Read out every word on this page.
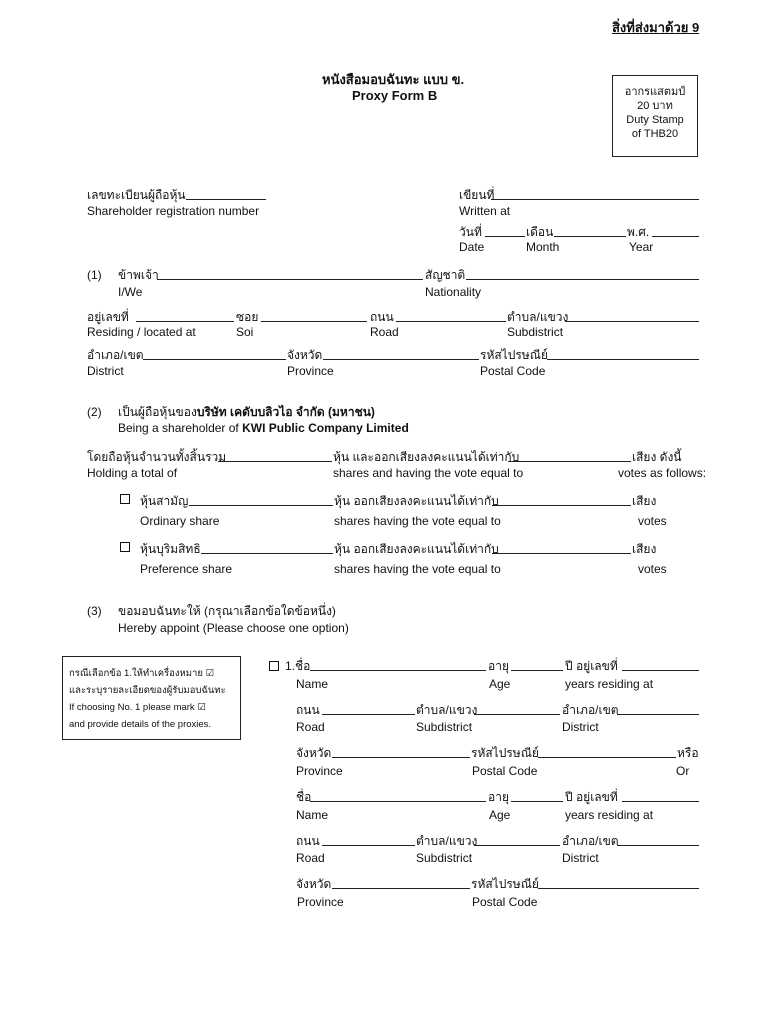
สิ่งที่ส่งมาด้วย 9
หนังสือมอบฉันทะ แบบ ข.
Proxy Form B	อากรแสตมป์
20 บาท
Duty Stamp
of THB20
เลขทะเบียนผู้ถือหุ้น
Shareholder registration number
เขียนที่
Written at
วันที่	เดือน	พ.ศ.
Date	Month	Year
(1) ข้าพเจ้า	สัญชาติ
I/We	Nationality
อยู่เลขที่	ซอย	ถนน	ตำบล/แขวง
Residing / located at	Soi	Road	Subdistrict
อำเภอ/เขต	จังหวัด	รหัสไปรษณีย์
District	Province	Postal Code
(2) เป็นผู้ถือหุ้นของบริษัท เคดับบลิวไอ จำกัด (มหาชน)
Being a shareholder of KWI Public Company Limited
โดยถือหุ้นจำนวนทั้งสิ้นรวม	หุ้น และออกเสียงลงคะแนนได้เท่ากับ	เสียง ดังนี้
Holding a total of	shares and having the vote equal to	votes as follows:
หุ้นสามัญ	หุ้น ออกเสียงลงคะแนนได้เท่ากับ	เสียง
Ordinary share	shares having the vote equal to	votes
หุ้นบุริมสิทธิ	หุ้น ออกเสียงลงคะแนนได้เท่ากับ	เสียง
Preference share	shares having the vote equal to	votes
(3) ขอมอบฉันทะให้ (กรุณาเลือกข้อใดข้อหนึ่ง)
Hereby appoint (Please choose one option)
กรณีเลือกข้อ 1.ให้ทำเครื่องหมาย ☑
และระบุรายละเอียดของผู้รับมอบฉันทะ
If choosing No. 1 please mark ☑
and provide details of the proxies.
1.ชื่อ	อายุ	ปี อยู่เลขที่
Name	Age	years residing at
ถนน	ตำบล/แขวง	อำเภอ/เขต
Road	Subdistrict	District
จังหวัด	รหัสไปรษณีย์	หรือ
Province	Postal Code	Or
ชื่อ	อายุ	ปี อยู่เลขที่
Name	Age	years residing at
ถนน	ตำบล/แขวง	อำเภอ/เขต
Road	Subdistrict	District
จังหวัด	รหัสไปรษณีย์
Province	Postal Code
